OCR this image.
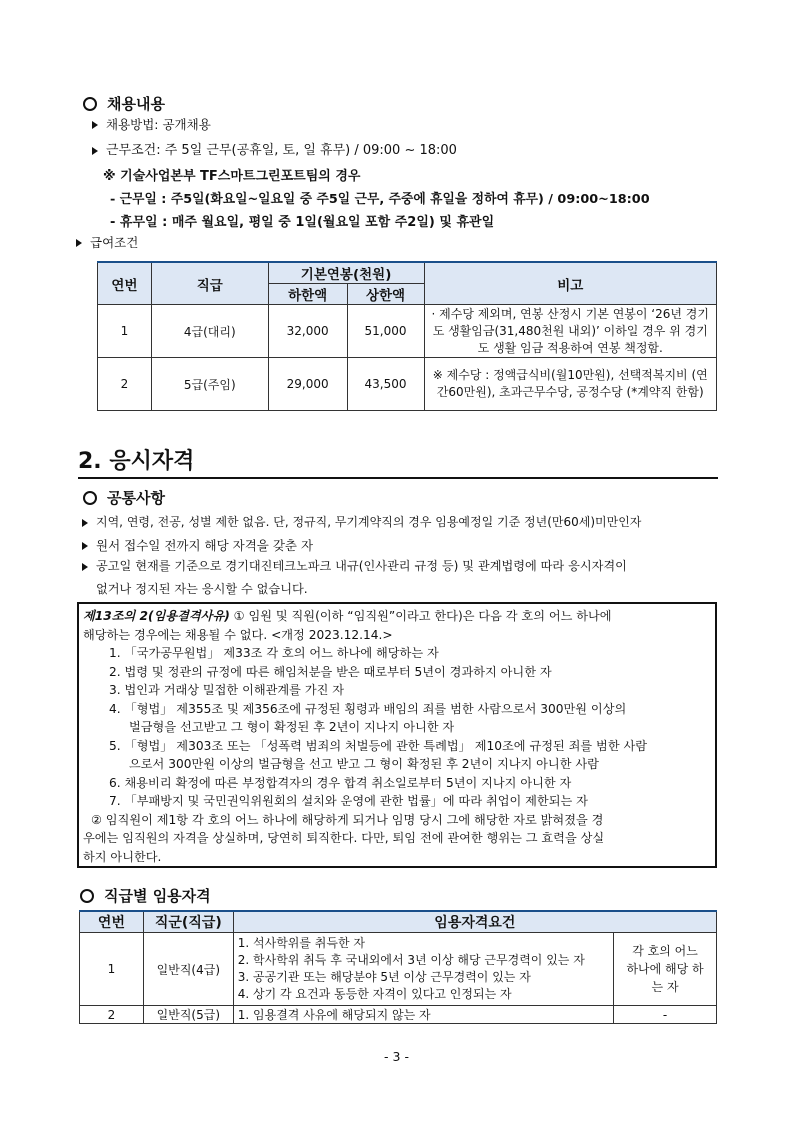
채용내용
채용방법: 공개채용
근무조건: 주 5일 근무(공휴일, 토, 일 휴무) / 09:00 ~ 18:00
※ 기술사업본부 TF스마트그린포트팀의 경우
- 근무일 : 주5일(화요일~일요일 중 주5일 근무, 주중에 휴일을 정하여 휴무) / 09:00~18:00
- 휴무일 : 매주 월요일, 평일 중 1일(월요일 포함 주2일) 및 휴관일
급여조건
연번	직급	기본연봉(천원)		비고
		하한액	상한액	
1	4급(대리)	32,000	51,000	· 제수당 제외며, 연봉 산정시 기본 연봉이 ‘26년 경기도 생활임금(31,480천원 내외)’ 이하일 경우 위 경기도 생활 임금 적용하여 연봉 책정함.
2	5급(주임)	29,000	43,500	※ 제수당 : 정액급식비(월10만원), 선택적복지비 (연간60만원), 초과근무수당, 공정수당 (*계약직 한함)
2. 응시자격
공통사항
지역, 연령, 전공, 성별 제한 없음. 단, 정규직, 무기계약직의 경우 임용예정일 기준 정년(만60세)미만인자
원서 접수일 전까지 해당 자격을 갖춘 자
공고일 현재를 기준으로 경기대진테크노파크 내규(인사관리 규정 등) 및 관계법령에 따라 응시자격이
없거나 정지된 자는 응시할 수 없습니다.
제13조의 2(임용결격사유) ① 임원 및 직원(이하 “임직원”이라고 한다)은 다음 각 호의 어느 하나에
해당하는 경우에는 채용될 수 없다. <개정 2023.12.14.>
1. 「국가공무원법」 제33조 각 호의 어느 하나에 해당하는 자
2. 법령 및 정관의 규정에 따른 해임처분을 받은 때로부터 5년이 경과하지 아니한 자
3. 법인과 거래상 밀접한 이해관계를 가진 자
4. 「형법」 제355조 및 제356조에 규정된 횡령과 배임의 죄를 범한 사람으로서 300만원 이상의
벌금형을 선고받고 그 형이 확정된 후 2년이 지나지 아니한 자
5. 「형법」 제303조 또는 「성폭력 범죄의 처벌등에 관한 특례법」 제10조에 규정된 죄를 범한 사람
으로서 300만원 이상의 벌금형을 선고 받고 그 형이 확정된 후 2년이 지나지 아니한 사람
6. 채용비리 확정에 따른 부정합격자의 경우 합격 취소일로부터 5년이 지나지 아니한 자
7. 「부패방지 및 국민권익위원회의 설치와 운영에 관한 법률」에 따라 취업이 제한되는 자
② 임직원이 제1항 각 호의 어느 하나에 해당하게 되거나 임명 당시 그에 해당한 자로 밝혀졌을 경
우에는 임직원의 자격을 상실하며, 당연히 퇴직한다. 다만, 퇴임 전에 관여한 행위는 그 효력을 상실
하지 아니한다.
직급별 임용자격
연번	직군(직급)	임용자격요건	
1	일반직(4급)	1. 석사학위를 취득한 자
2. 학사학위 취득 후 국내외에서 3년 이상 해당 근무경력이 있는 자
3. 공공기관 또는 해당분야 5년 이상 근무경력이 있는 자
4. 상기 각 요건과 동등한 자격이 있다고 인정되는 자	각 호의 어느 하나에 해당 하는 자
2	일반직(5급)	1. 임용결격 사유에 해당되지 않는 자	-
- 3 -
